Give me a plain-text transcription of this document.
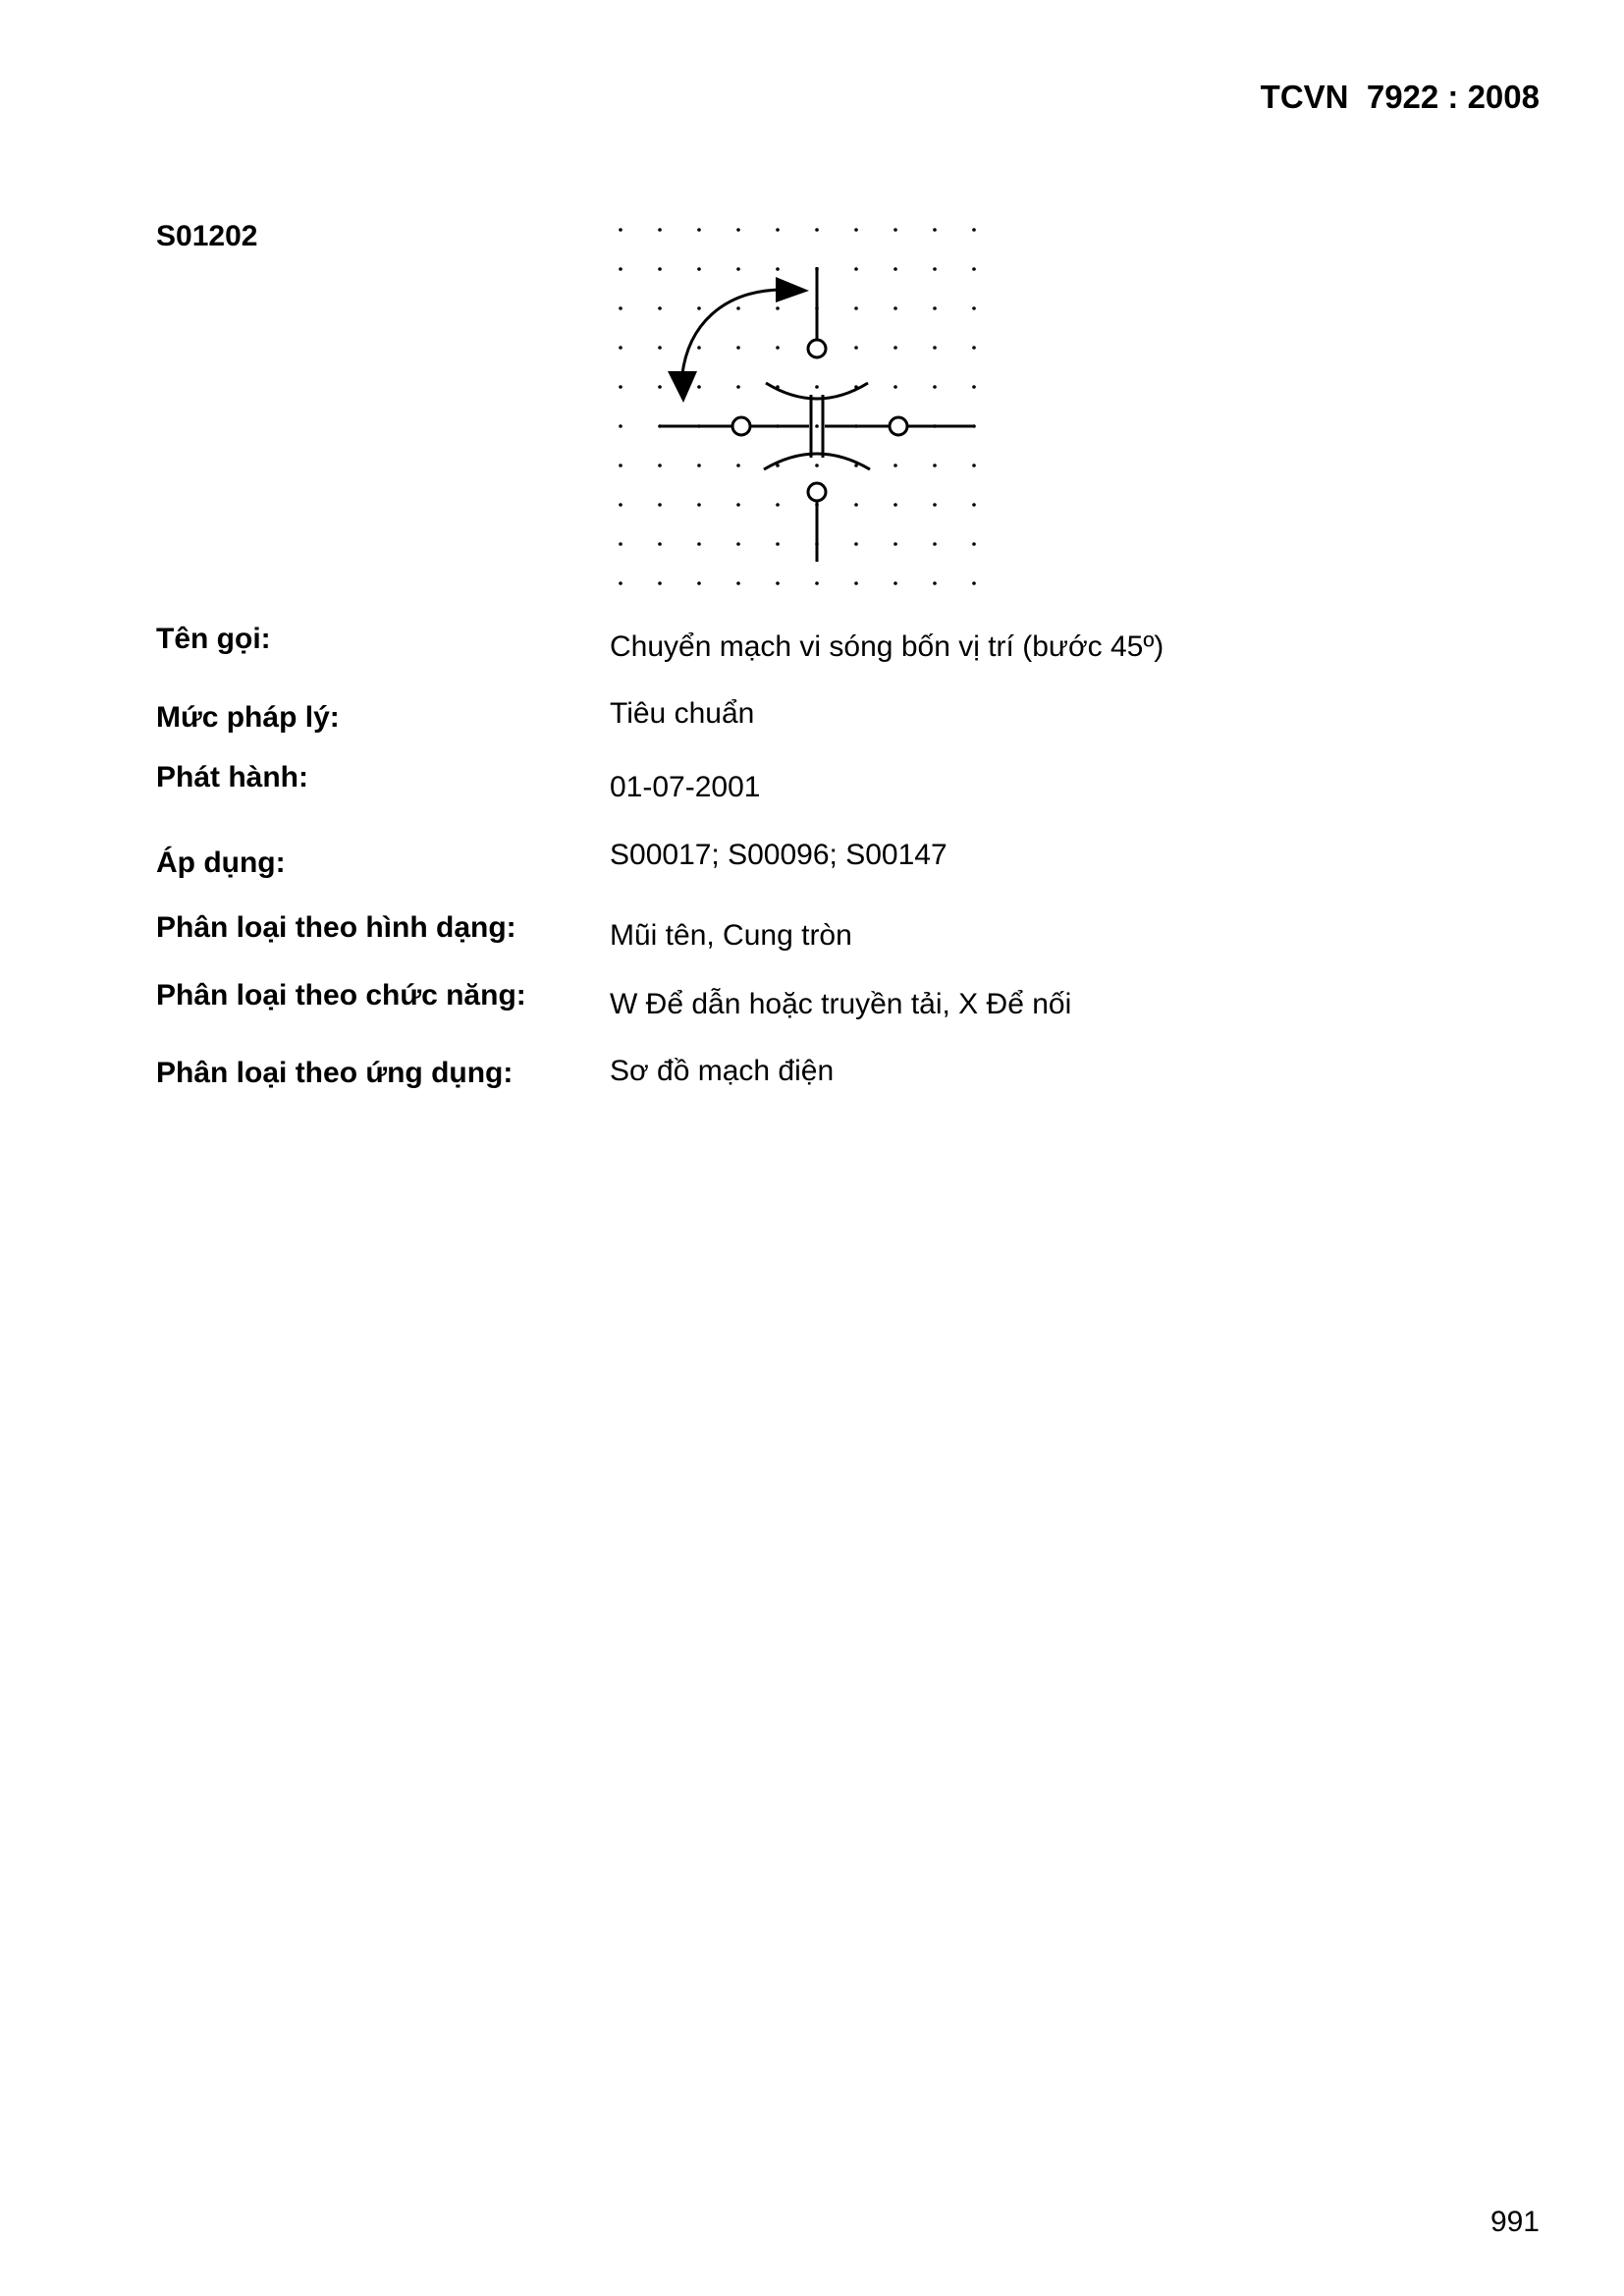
TCVN  7922 : 2008
S01202
Tên gọi:	Chuyển mạch vi sóng bốn vị trí (bước 45º)
Mức pháp lý:	Tiêu chuẩn
Phát hành:	01-07-2001
Áp dụng:	S00017; S00096; S00147
Phân loại theo hình dạng:	Mũi tên, Cung tròn
Phân loại theo chức năng:	W Để dẫn hoặc truyền tải, X Để nối
Phân loại theo ứng dụng:	Sơ đồ mạch điện
991
